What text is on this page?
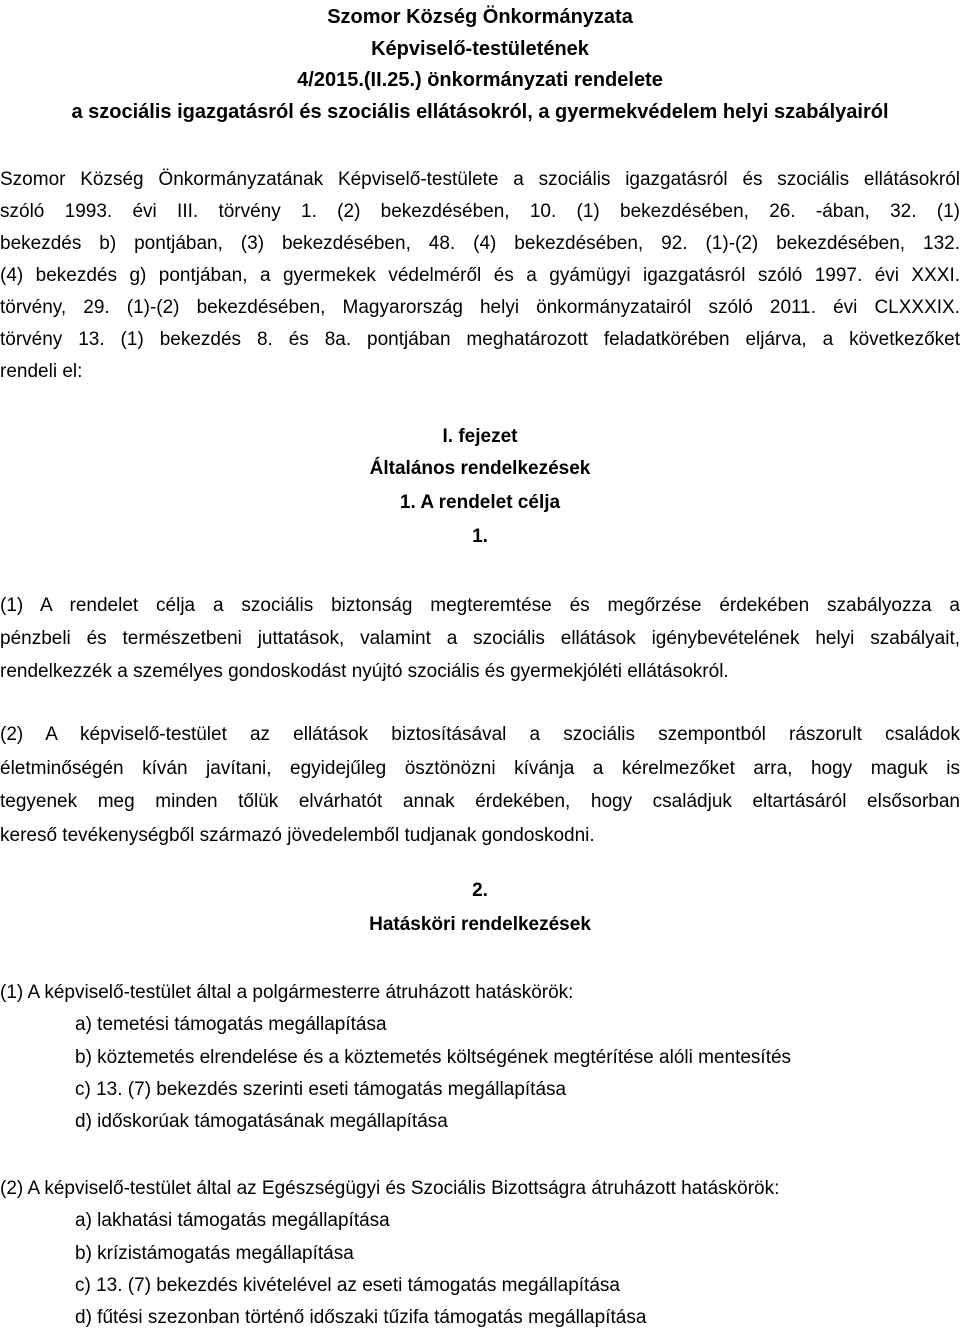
Szomor Község Önkormányzata
Képviselő-testületének
4/2015.(II.25.) önkormányzati rendelete
a szociális igazgatásról és szociális ellátásokról, a gyermekvédelem helyi szabályairól
Szomor Község Önkormányzatának Képviselő-testülete a szociális igazgatásról és szociális ellátásokról
szóló 1993. évi III. törvény 1. (2) bekezdésében, 10. (1) bekezdésében, 26. -ában, 32. (1)
bekezdés b) pontjában, (3) bekezdésében, 48. (4) bekezdésében, 92. (1)-(2) bekezdésében, 132.
(4) bekezdés g) pontjában, a gyermekek védelméről és a gyámügyi igazgatásról szóló 1997. évi XXXI.
törvény, 29. (1)-(2) bekezdésében, Magyarország helyi önkormányzatairól szóló 2011. évi CLXXXIX.
törvény 13. (1) bekezdés 8. és 8a. pontjában meghatározott feladatkörében eljárva, a következőket
rendeli el:
I. fejezet
Általános rendelkezések
1. A rendelet célja
1.
(1) A rendelet célja a szociális biztonság megteremtése és megőrzése érdekében szabályozza a
pénzbeli és természetbeni juttatások, valamint a szociális ellátások igénybevételének helyi szabályait,
rendelkezzék a személyes gondoskodást nyújtó szociális és gyermekjóléti ellátásokról.
(2) A képviselő-testület az ellátások biztosításával a szociális szempontból rászorult családok
életminőségén kíván javítani, egyidejűleg ösztönözni kívánja a kérelmezőket arra, hogy maguk is
tegyenek meg minden tőlük elvárhatót annak érdekében, hogy családjuk eltartásáról elsősorban
kereső tevékenységből származó jövedelemből tudjanak gondoskodni.
2.
Hatásköri rendelkezések
(1) A képviselő-testület által a polgármesterre átruházott hatáskörök:
a) temetési támogatás megállapítása
b) köztemetés elrendelése és a köztemetés költségének megtérítése alóli mentesítés
c) 13. (7) bekezdés szerinti eseti támogatás megállapítása
d) időskorúak támogatásának megállapítása
(2) A képviselő-testület által az Egészségügyi és Szociális Bizottságra átruházott hatáskörök:
a) lakhatási támogatás megállapítása
b) krízistámogatás megállapítása
c) 13. (7) bekezdés kivételével az eseti támogatás megállapítása
d) fűtési szezonban történő időszaki tűzifa támogatás megállapítása
